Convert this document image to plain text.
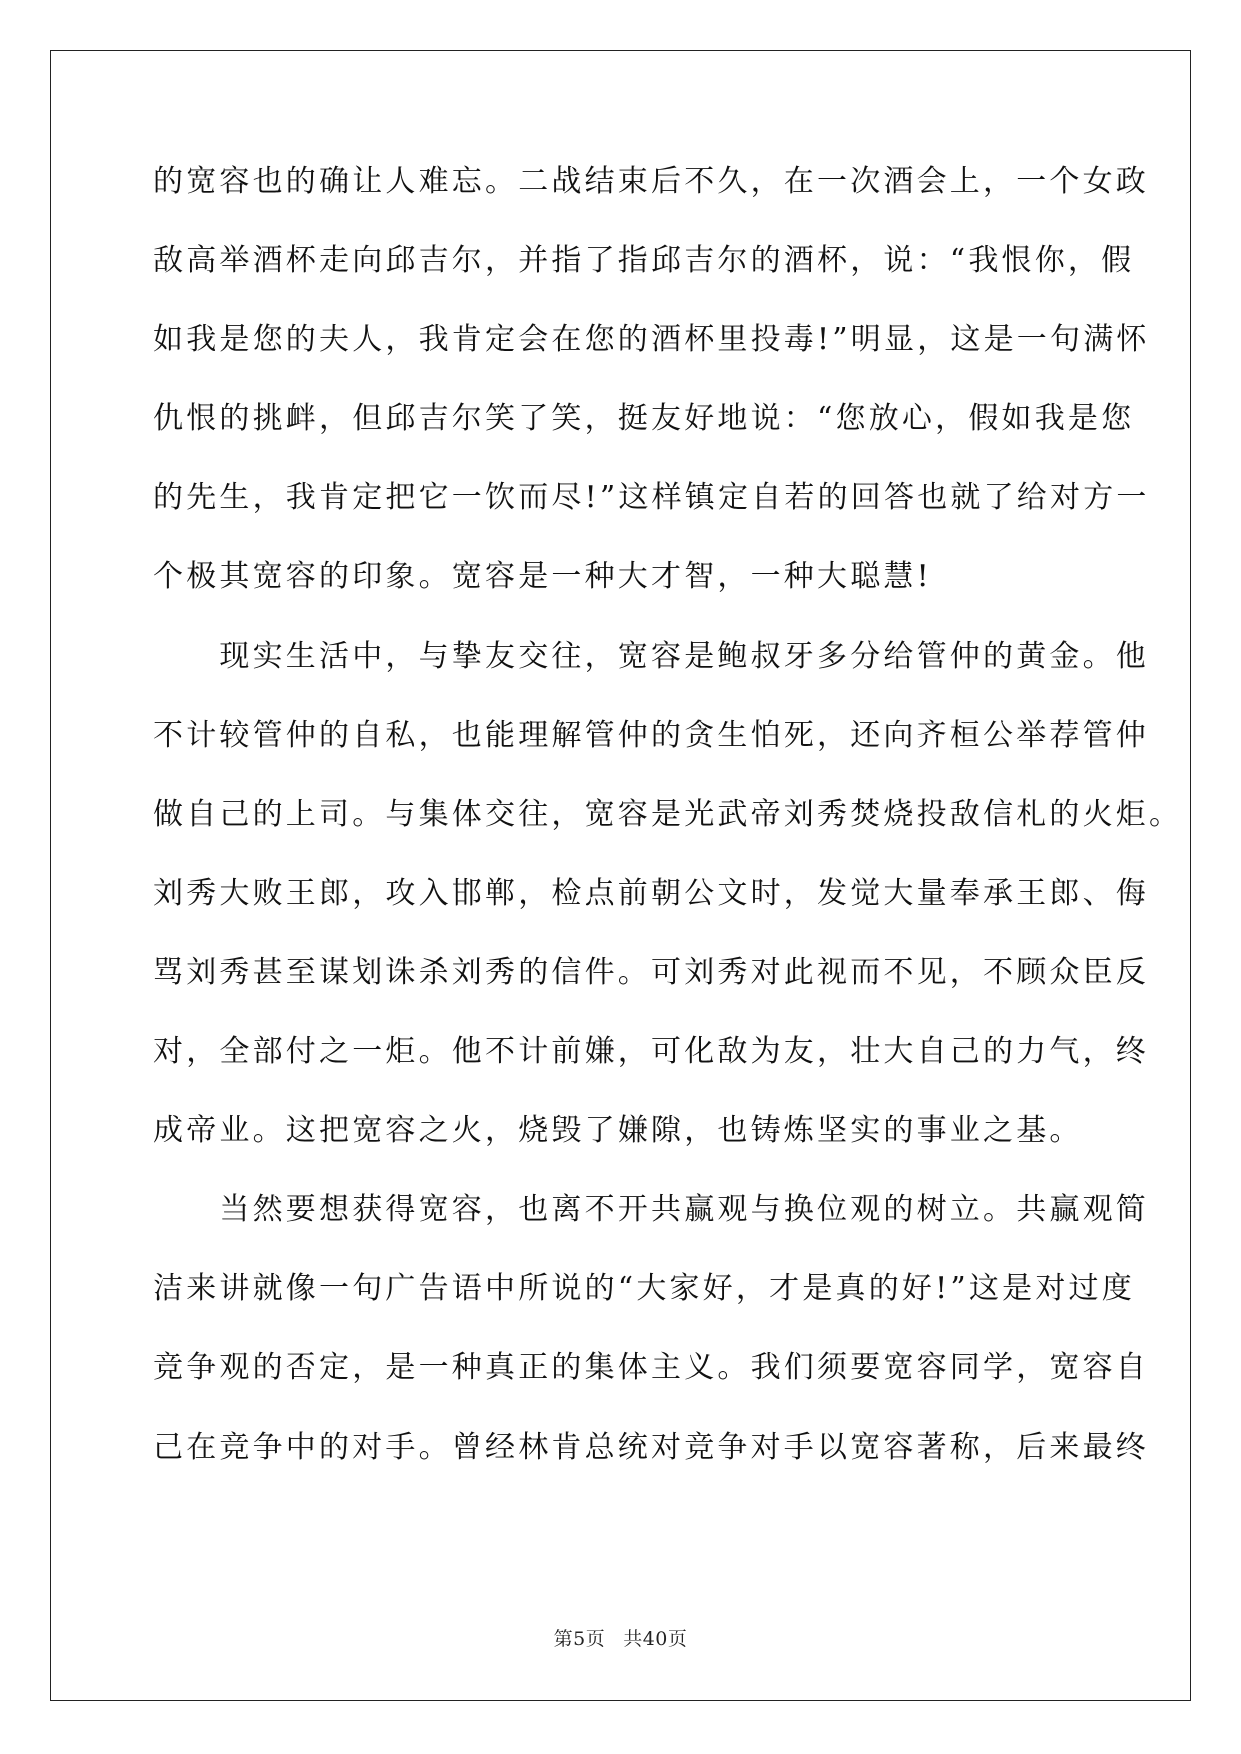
的宽容也的确让人难忘。二战结束后不久，在一次酒会上，一个女政
敌高举酒杯走向邱吉尔，并指了指邱吉尔的酒杯，说：“我恨你，假
如我是您的夫人，我肯定会在您的酒杯里投毒!”明显，这是一句满怀
仇恨的挑衅，但邱吉尔笑了笑，挺友好地说：“您放心，假如我是您
的先生，我肯定把它一饮而尽!”这样镇定自若的回答也就了给对方一
个极其宽容的印象。宽容是一种大才智，一种大聪慧!
　　现实生活中，与挚友交往，宽容是鲍叔牙多分给管仲的黄金。他
不计较管仲的自私，也能理解管仲的贪生怕死，还向齐桓公举荐管仲
做自己的上司。与集体交往，宽容是光武帝刘秀焚烧投敌信札的火炬。
刘秀大败王郎，攻入邯郸，检点前朝公文时，发觉大量奉承王郎、侮
骂刘秀甚至谋划诛杀刘秀的信件。可刘秀对此视而不见，不顾众臣反
对，全部付之一炬。他不计前嫌，可化敌为友，壮大自己的力气，终
成帝业。这把宽容之火，烧毁了嫌隙，也铸炼坚实的事业之基。
　　当然要想获得宽容，也离不开共赢观与换位观的树立。共赢观简
洁来讲就像一句广告语中所说的“大家好，才是真的好!”这是对过度
竞争观的否定，是一种真正的集体主义。我们须要宽容同学，宽容自
己在竞争中的对手。曾经林肯总统对竞争对手以宽容著称，后来最终
第5页 共40页
